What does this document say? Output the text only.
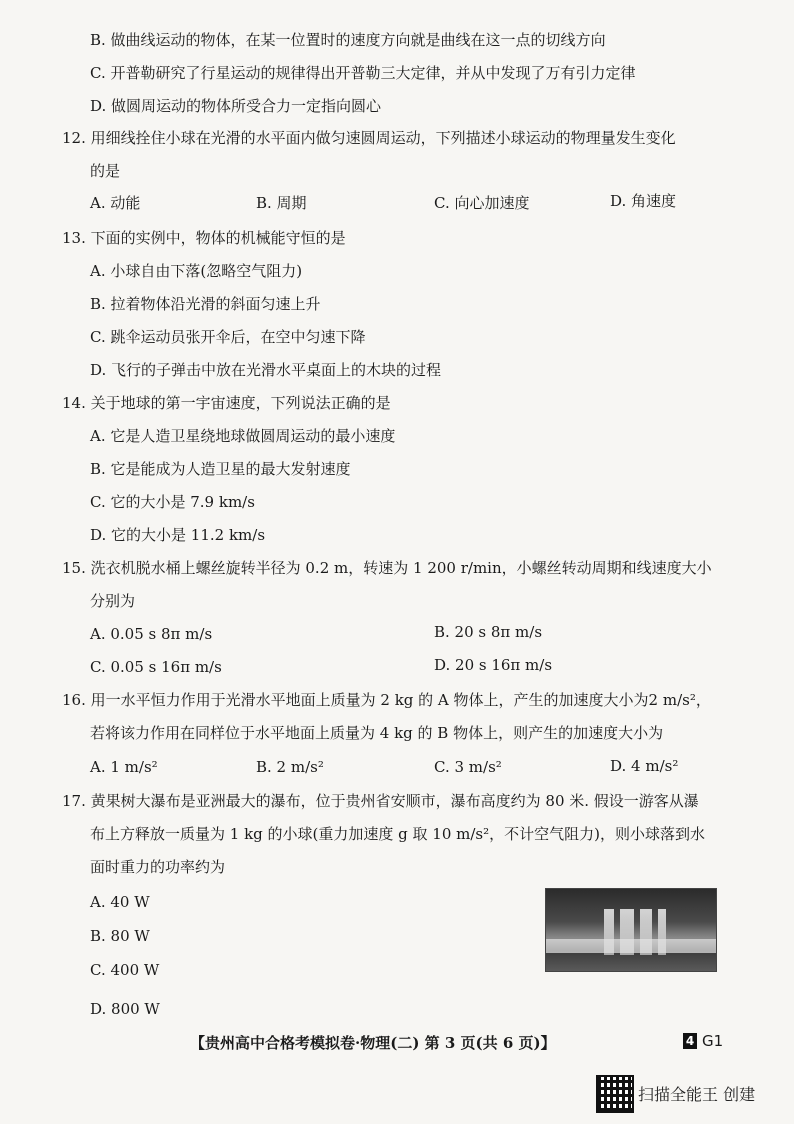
B. 做曲线运动的物体，在某一位置时的速度方向就是曲线在这一点的切线方向
C. 开普勒研究了行星运动的规律得出开普勒三大定律，并从中发现了万有引力定律
D. 做圆周运动的物体所受合力一定指向圆心
12. 用细线拴住小球在光滑的水平面内做匀速圆周运动，下列描述小球运动的物理量发生变化
的是
A. 动能	B. 周期	C. 向心加速度	D. 角速度
13. 下面的实例中，物体的机械能守恒的是
A. 小球自由下落(忽略空气阻力)
B. 拉着物体沿光滑的斜面匀速上升
C. 跳伞运动员张开伞后，在空中匀速下降
D. 飞行的子弹击中放在光滑水平桌面上的木块的过程
14. 关于地球的第一宇宙速度，下列说法正确的是
A. 它是人造卫星绕地球做圆周运动的最小速度
B. 它是能成为人造卫星的最大发射速度
C. 它的大小是 7.9 km/s
D. 它的大小是 11.2 km/s
15. 洗衣机脱水桶上螺丝旋转半径为 0.2 m，转速为 1 200 r/min，小螺丝转动周期和线速度大小
分别为
A. 0.05 s 8π m/s	B. 20 s 8π m/s
C. 0.05 s 16π m/s	D. 20 s 16π m/s
16. 用一水平恒力作用于光滑水平地面上质量为 2 kg 的 A 物体上，产生的加速度大小为2 m/s²，
若将该力作用在同样位于水平地面上质量为 4 kg 的 B 物体上，则产生的加速度大小为
A. 1 m/s²	B. 2 m/s²	C. 3 m/s²	D. 4 m/s²
17. 黄果树大瀑布是亚洲最大的瀑布，位于贵州省安顺市，瀑布高度约为 80 米. 假设一游客从瀑
布上方释放一质量为 1 kg 的小球(重力加速度 g 取 10 m/s²，不计空气阻力)，则小球落到水
面时重力的功率约为
A. 40 W
B. 80 W
C. 400 W
D. 800 W
【贵州高中合格考模拟卷·物理(二) 第 3 页(共 6 页)】	4 G1
扫描全能王 创建
